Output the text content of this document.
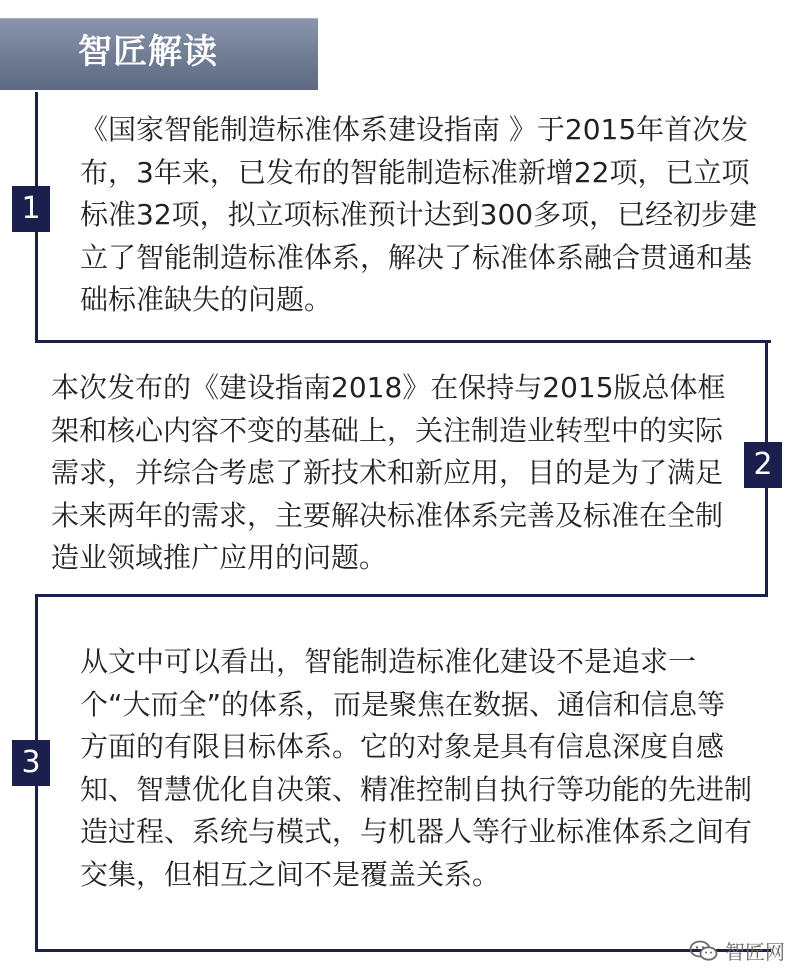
智匠解读
1
《国家智能制造标准体系建设指南 》于2015年首次发
布，3年来，已发布的智能制造标准新增22项，已立项
标准32项，拟立项标准预计达到300多项，已经初步建
立了智能制造标准体系，解决了标准体系融合贯通和基
础标准缺失的问题。
2
本次发布的《建设指南2018》在保持与2015版总体框
架和核心内容不变的基础上，关注制造业转型中的实际
需求，并综合考虑了新技术和新应用，目的是为了满足
未来两年的需求，主要解决标准体系完善及标准在全制
造业领域推广应用的问题。
3
从文中可以看出，智能制造标准化建设不是追求一
个“大而全”的体系，而是聚焦在数据、通信和信息等
方面的有限目标体系。它的对象是具有信息深度自感
知、智慧优化自决策、精准控制自执行等功能的先进制
造过程、系统与模式，与机器人等行业标准体系之间有
交集，但相互之间不是覆盖关系。
智匠网
